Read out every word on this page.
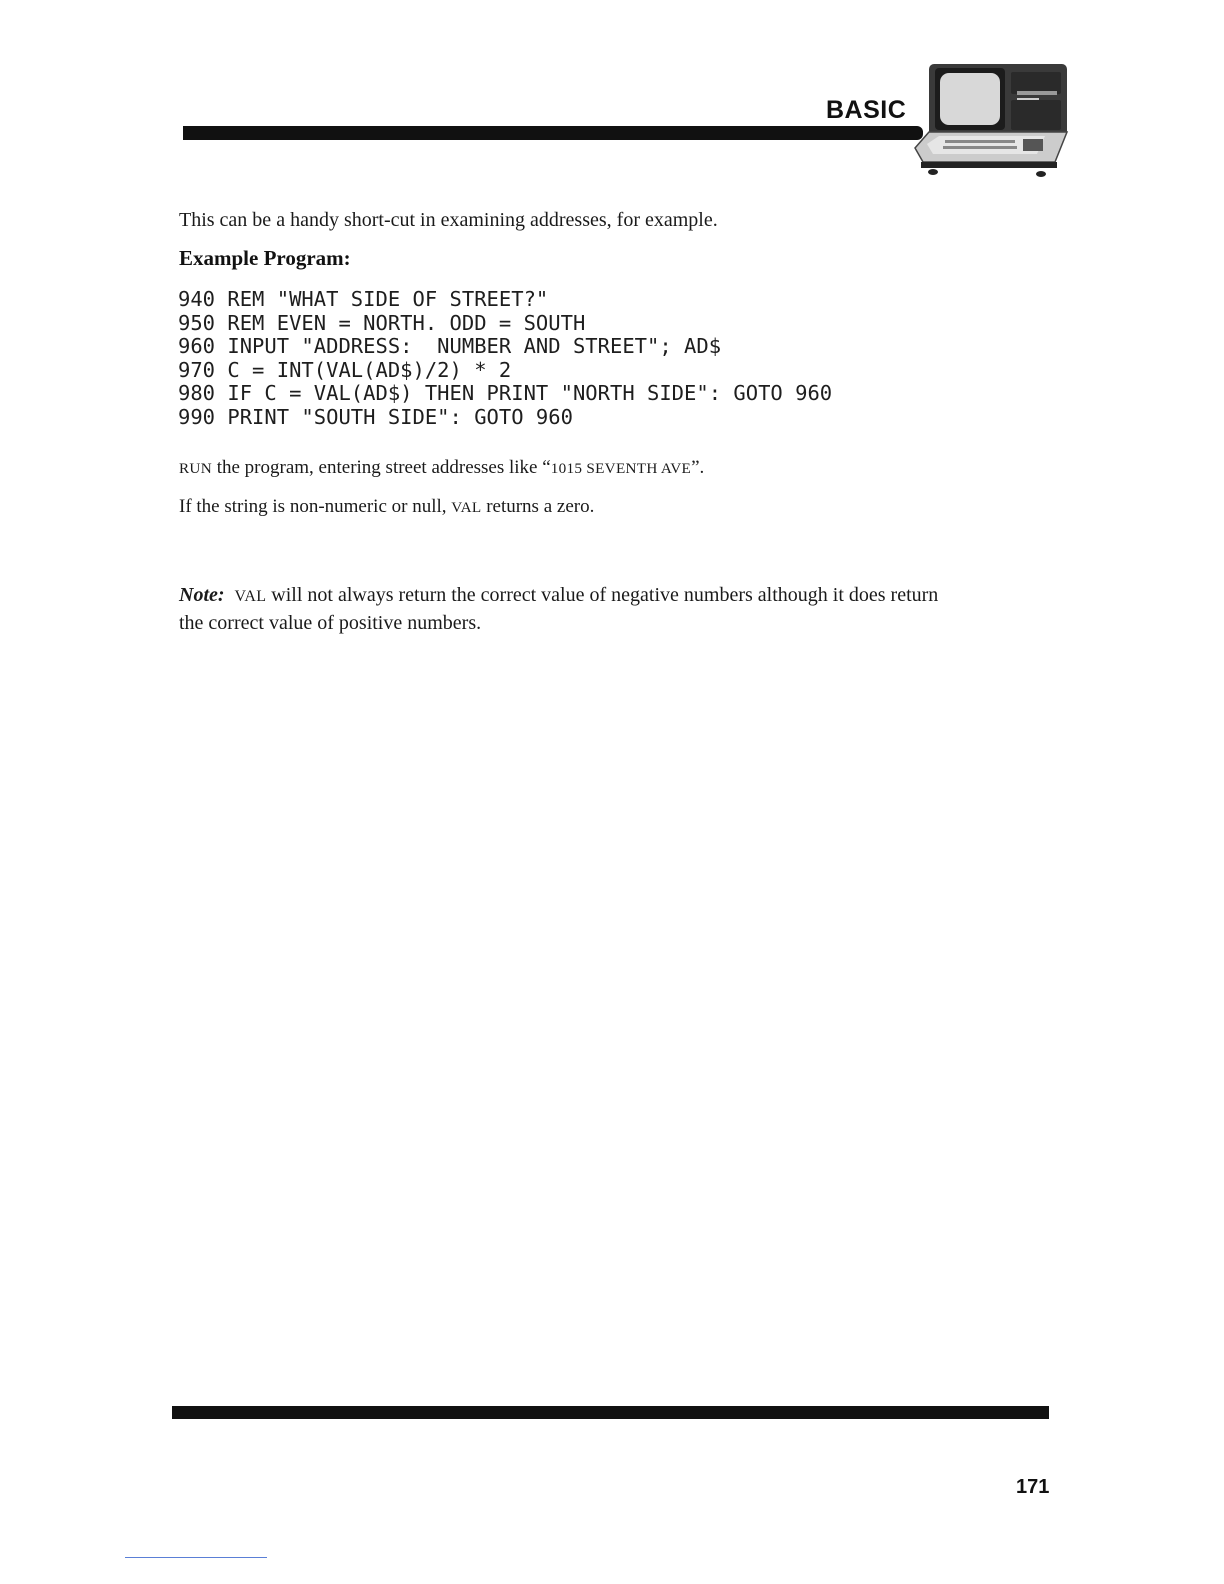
BASIC
This can be a handy short-cut in examining addresses, for example.
Example Program:
940 REM "WHAT SIDE OF STREET?"
950 REM EVEN = NORTH. ODD = SOUTH
960 INPUT "ADDRESS:  NUMBER AND STREET"; AD$
970 C = INT(VAL(AD$)/2) * 2
980 IF C = VAL(AD$) THEN PRINT "NORTH SIDE": GOTO 960
990 PRINT "SOUTH SIDE": GOTO 960
RUN the program, entering street addresses like “1015 SEVENTH AVE”.
If the string is non-numeric or null, VAL returns a zero.
Note: VAL will not always return the correct value of negative numbers although it does return the correct value of positive numbers.
171
